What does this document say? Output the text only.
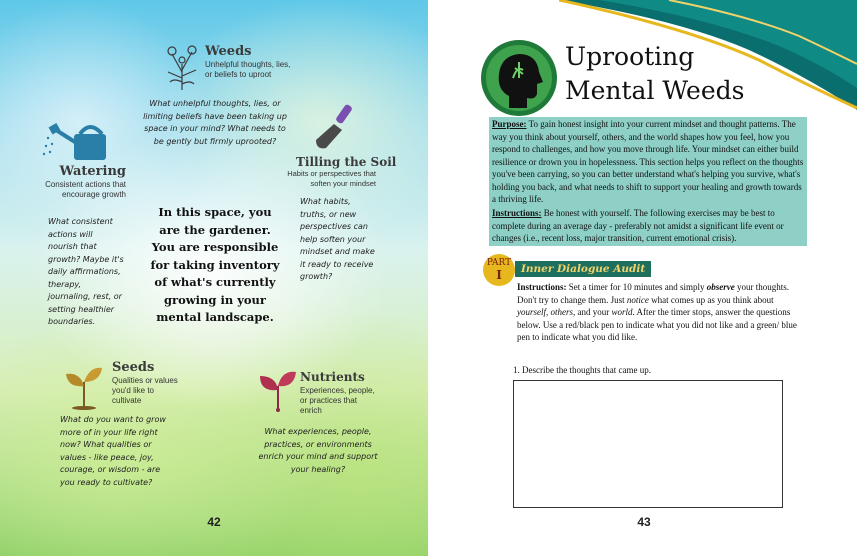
Weeds
Unhelpful thoughts, lies, or beliefs to uproot
What unhelpful thoughts, lies, or limiting beliefs have been taking up space in your mind? What needs to be gently but firmly uprooted?
Watering
Consistent actions that encourage growth
What consistent actions will nourish that growth? Maybe it's daily affirmations, therapy, journaling, rest, or setting healthier boundaries.
Tilling the Soil
Habits or perspectives that soften your mindset
What habits, truths, or new perspectives can help soften your mindset and make it ready to receive growth?
In this space, you are the gardener. You are responsible for taking inventory of what's currently growing in your mental landscape.
Seeds
Qualities or values you'd like to cultivate
What do you want to grow more of in your life right now? What qualities or values - like peace, joy, courage, or wisdom - are you ready to cultivate?
Nutrients
Experiences, people, or practices that enrich
What experiences, people, practices, or environments enrich your mind and support your healing?
42
Uprooting
Mental Weeds
Purpose: To gain honest insight into your current mindset and thought patterns. The way you think about yourself, others, and the world shapes how you feel, how you respond to challenges, and how you move through life. Your mindset can either build resilience or drown you in hopelessness. This section helps you reflect on the thoughts you've been carrying, so you can better understand what's helping you survive, what's holding you back, and what needs to shift to support your healing and growth towards a thriving life.
Instructions: Be honest with yourself. The following exercises may be best to complete during an average day - preferably not amidst a significant life event or changes (i.e., recent loss, major transition, current emotional crisis).
PART
I	Inner Dialogue Audit
Instructions: Set a timer for 10 minutes and simply observe your thoughts. Don't try to change them. Just notice what comes up as you think about yourself, others, and your world. After the timer stops, answer the questions below. Use a red/black pen to indicate what you did not like and a green/ blue pen to indicate what you did like.
1. Describe the thoughts that came up.
43
